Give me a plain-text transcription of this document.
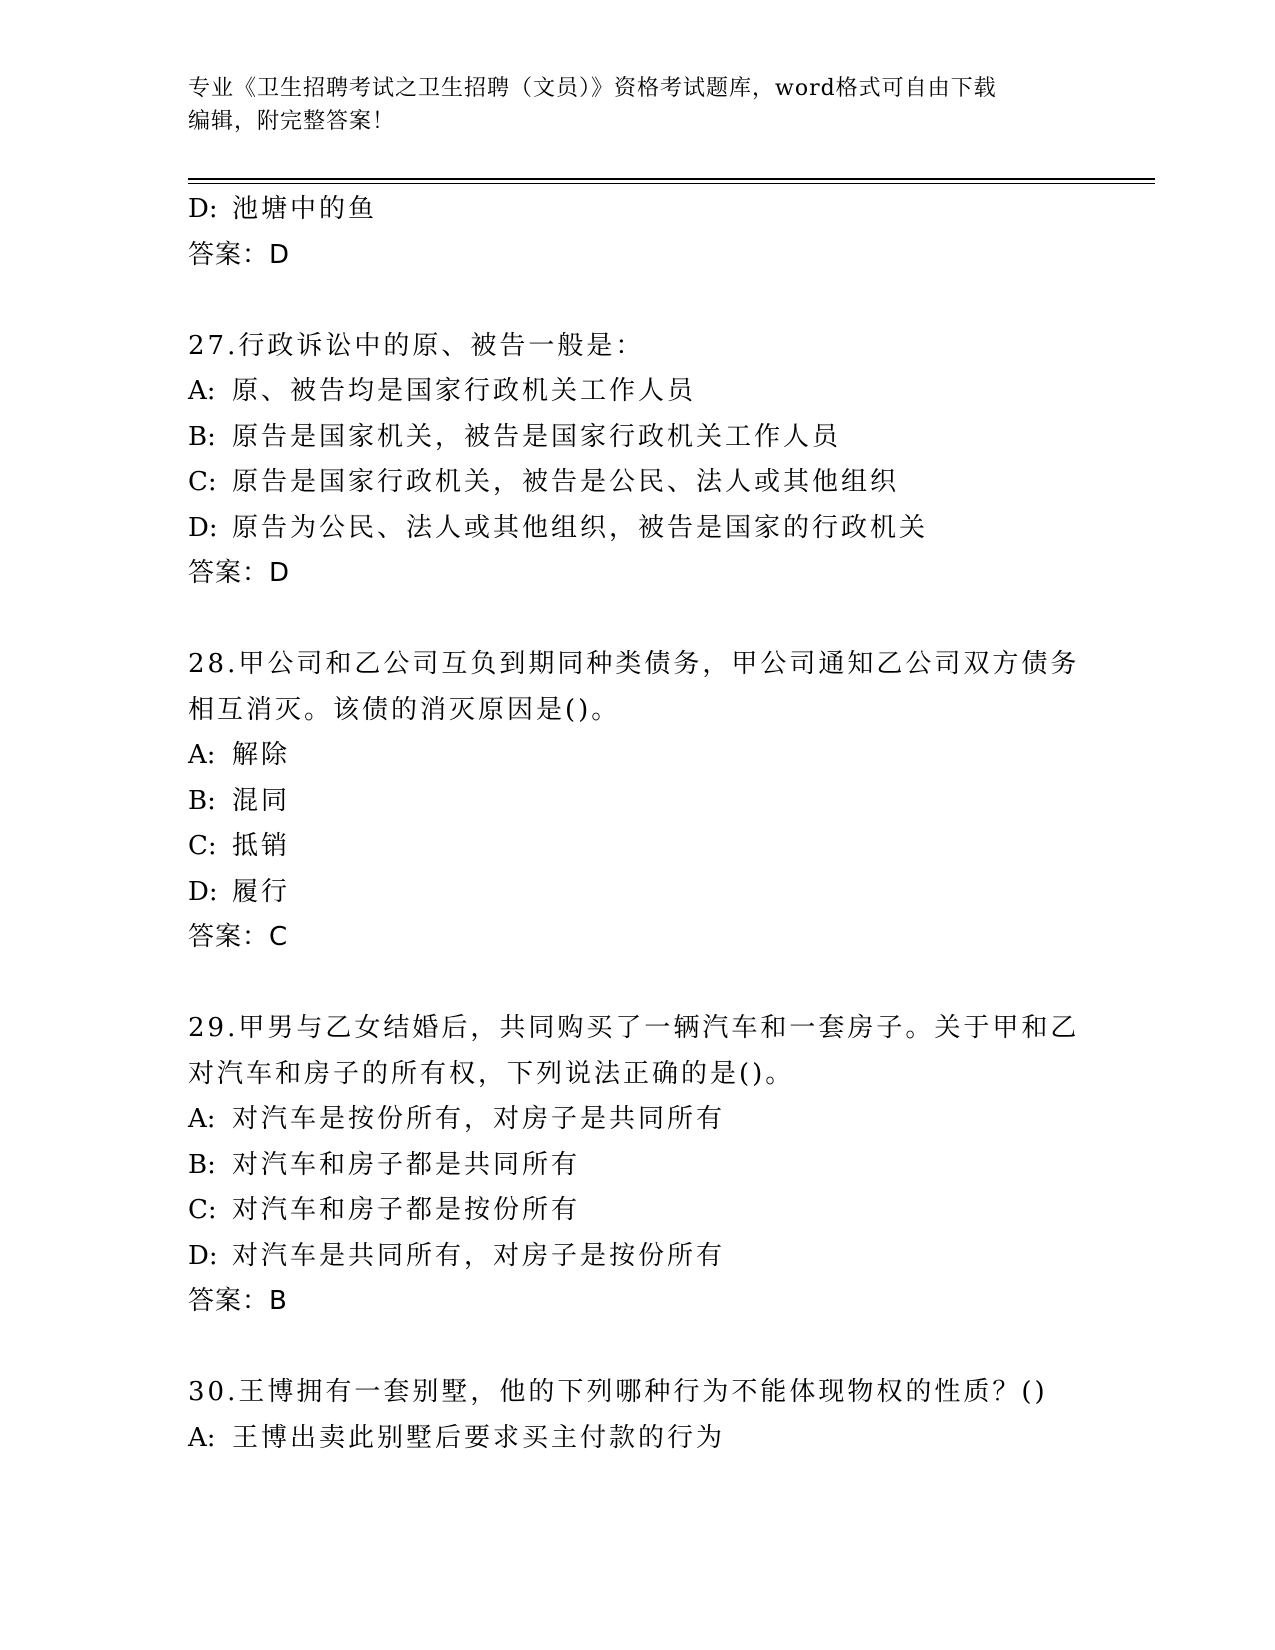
专业《卫生招聘考试之卫生招聘（文员）》资格考试题库，word格式可自由下载
编辑，附完整答案！
D: 池塘中的鱼
答案：D
27.行政诉讼中的原、被告一般是：
A: 原、被告均是国家行政机关工作人员
B: 原告是国家机关，被告是国家行政机关工作人员
C: 原告是国家行政机关，被告是公民、法人或其他组织
D: 原告为公民、法人或其他组织，被告是国家的行政机关
答案：D
28.甲公司和乙公司互负到期同种类债务，甲公司通知乙公司双方债务
相互消灭。该债的消灭原因是()。
A: 解除
B: 混同
C: 抵销
D: 履行
答案：C
29.甲男与乙女结婚后，共同购买了一辆汽车和一套房子。关于甲和乙
对汽车和房子的所有权，下列说法正确的是()。
A: 对汽车是按份所有，对房子是共同所有
B: 对汽车和房子都是共同所有
C: 对汽车和房子都是按份所有
D: 对汽车是共同所有，对房子是按份所有
答案：B
30.王博拥有一套别墅，他的下列哪种行为不能体现物权的性质？()
A: 王博出卖此别墅后要求买主付款的行为
